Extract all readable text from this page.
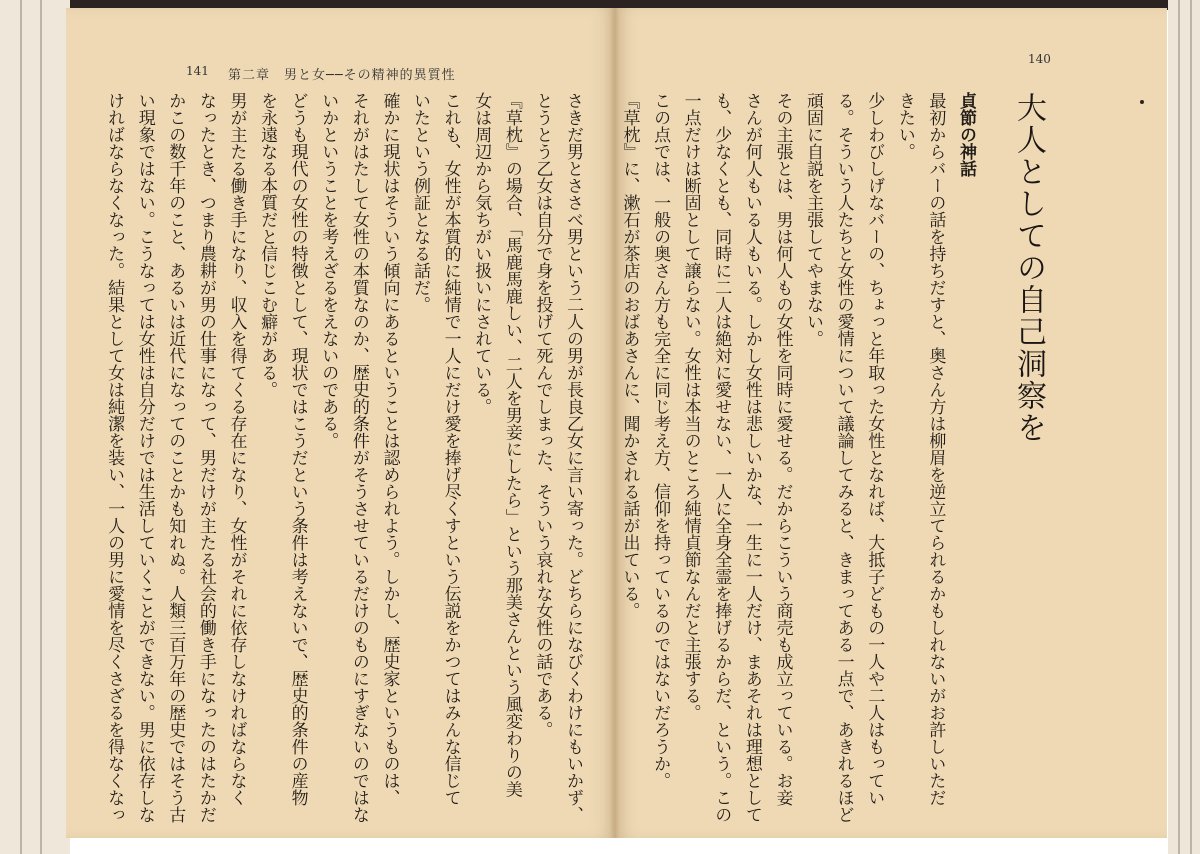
141 第二章　男と女──その精神的異質性
さきだ男とささべ男という二人の男が長良乙女に言い寄った。どちらになびくわけにもいかず、
とうとう乙女は自分で身を投げて死んでしまった、そういう哀れな女性の話である。
『草枕』の場合、「馬鹿馬鹿しい、二人を男妾にしたら」という那美さんという風変わりの美
女は周辺から気ちがい扱いにされている。
これも、女性が本質的に純情で一人にだけ愛を捧げ尽くすという伝説をかつてはみんな信じて
いたという例証となる話だ。
確かに現状はそういう傾向にあるということは認められよう。しかし、歴史家というものは、
それがはたして女性の本質なのか、歴史的条件がそうさせているだけのものにすぎないのではな
いかということを考えざるをえないのである。
どうも現代の女性の特徴として、現状ではこうだという条件は考えないで、歴史的条件の産物
を永遠なる本質だと信じこむ癖がある。
男が主たる働き手になり、収入を得てくる存在になり、女性がそれに依存しなければならなく
なったとき、つまり農耕が男の仕事になって、男だけが主たる社会的働き手になったのはたかだ
かこの数千年のこと、あるいは近代になってのことかも知れぬ。人類三百万年の歴史ではそう古
い現象ではない。こうなっては女性は自分だけでは生活していくことができない。男に依存しな
ければならなくなった。結果として女は純潔を装い、一人の男に愛情を尽くさざるを得なくなっ
140
大人としての自己洞察を
貞節の神話
最初からバーの話を持ちだすと、奥さん方は柳眉を逆立てられるかもしれないがお許しいただ
きたい。
少しわびしげなバーの、ちょっと年取った女性となれば、大抵子どもの一人や二人はもってい
る。そういう人たちと女性の愛情について議論してみると、きまってある一点で、あきれるほど
頑固に自説を主張してやまない。
その主張とは、男は何人もの女性を同時に愛せる。だからこういう商売も成立っている。お妾
さんが何人もいる人もいる。しかし女性は悲しいかな、一生に一人だけ、まあそれは理想として
も、少なくとも、同時に二人は絶対に愛せない、一人に全身全霊を捧げるからだ、という。この
一点だけは断固として譲らない。女性は本当のところ純情貞節なんだと主張する。
この点では、一般の奥さん方も完全に同じ考え方、信仰を持っているのではないだろうか。
『草枕』に、漱石が茶店のおばあさんに、聞かされる話が出ている。
